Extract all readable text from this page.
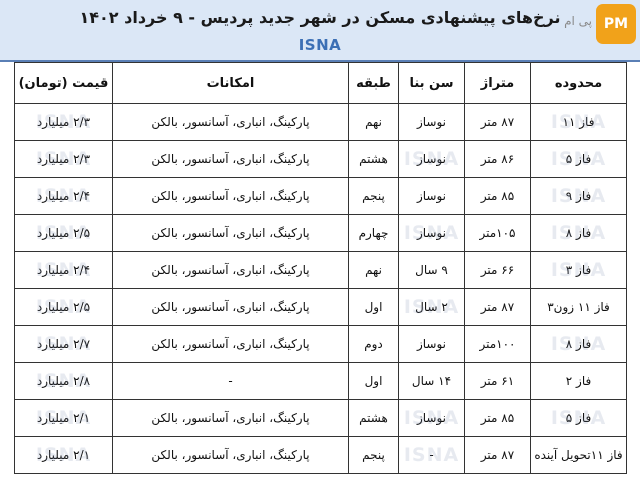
نرخ‌های پیشنهادی مسکن در شهر جدید پردیس - ۹ خرداد ۱۴۰۲
ISNA
پی ام PM
محدوده	متراژ	سن بنا	طبقه	امکانات	قیمت (تومان)
فاز ۱۱ ISNA	۸۷ متر	نوساز	نهم	پارکینگ، انباری، آسانسور، بالکن	۲/۳ میلیارد ISNA
فاز ۵ ISNA	۸۶ متر	نوساز ISNA	هشتم	پارکینگ، انباری، آسانسور، بالکن	۲/۳ میلیارد ISNA
فاز ۹ ISNA	۸۵ متر	نوساز	پنجم	پارکینگ، انباری، آسانسور، بالکن	۲/۴ میلیارد ISNA
فاز ۸ ISNA	۱۰۵متر	نوساز ISNA	چهارم	پارکینگ، انباری، آسانسور، بالکن	۲/۵ میلیارد ISNA
فاز ۳ ISNA	۶۶ متر	۹ سال	نهم	پارکینگ، انباری، آسانسور، بالکن	۲/۴ میلیارد ISNA
فاز ۱۱ زون۳	۸۷ متر	۲ سال ISNA	اول	پارکینگ، انباری، آسانسور، بالکن	۲/۵ میلیارد ISNA
فاز ۸ ISNA	۱۰۰متر	نوساز	دوم	پارکینگ، انباری، آسانسور، بالکن	۲/۷ میلیارد ISNA
فاز ۲	۶۱ متر	۱۴ سال	اول	-	۲/۸ میلیارد ISNA
فاز ۵ ISNA	۸۵ متر	نوساز ISNA	هشتم	پارکینگ، انباری، آسانسور، بالکن	۲/۱ میلیارد ISNA
فاز ۱۱تحویل آینده	۸۷ متر	- ISNA	پنجم	پارکینگ، انباری، آسانسور، بالکن	۲/۱ میلیارد ISNA
